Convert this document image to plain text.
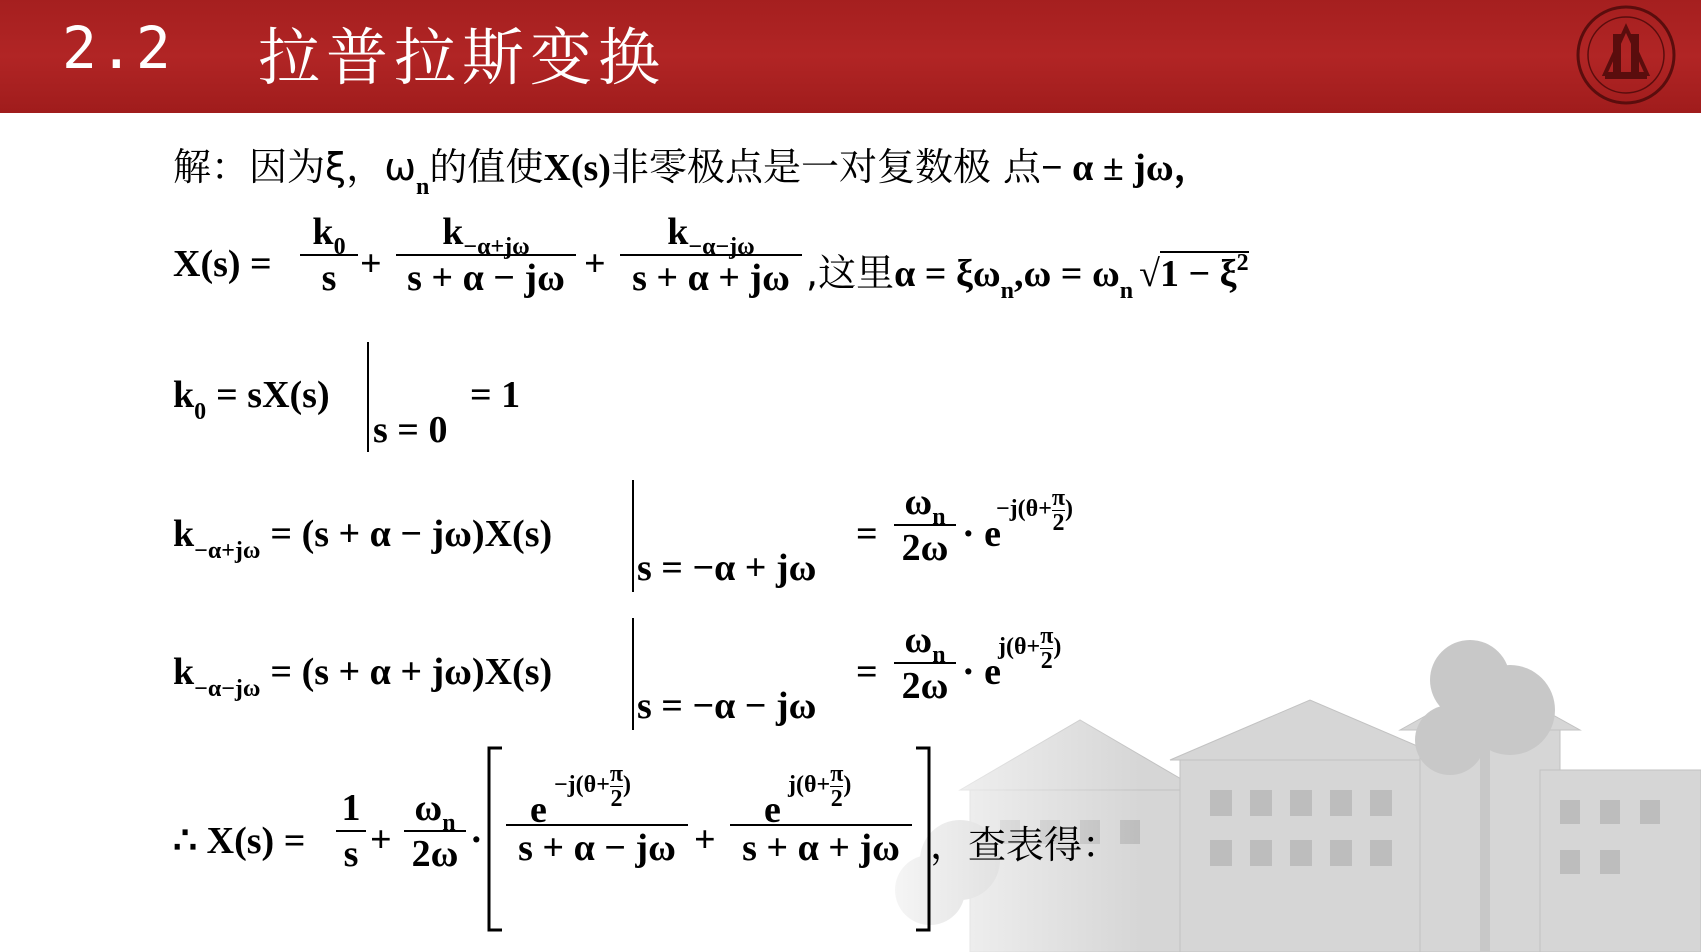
2.2 拉普拉斯变换
解：因为ξ，$\omega_n$的值使X(s)非零极点是一对复数极 点− α ± jω，
$X(s) = \frac{k_0}{s} + \frac{k_{-\alpha+j\omega}}{s + \alpha - j\omega} + \frac{k_{-\alpha-j\omega}}{s + \alpha + j\omega}$ ,这里$\alpha = \xi\omega_n,\omega = \omega_n$ $√1 - \xi^2$
$k_0 = sX(s)$
s = 0
= 1
$k_{-\alpha+j\omega} = (s + \alpha - j\omega)X(s)$
s = −α + jω
= $\frac{\omega_n}{2\omega} \cdot e$
$-j(\theta+ \frac{\pi}{2}$ )
$k_{-\alpha-j\omega} = (s + \alpha + j\omega)X(s)$
s = −α − jω
= $\frac{\omega_n}{2\omega} \cdot e$
$j(\theta+ \frac{\pi}{2}$ )
∴ $X(s) = \frac{1}{s} + \frac{\omega_n}{2\omega} \cdot e$
$-j(\theta+ \frac{\pi}{2}$ )
s + α − jω + e
$j(\theta+ \frac{\pi}{2}$ )
s + α + jω ，查表得：
